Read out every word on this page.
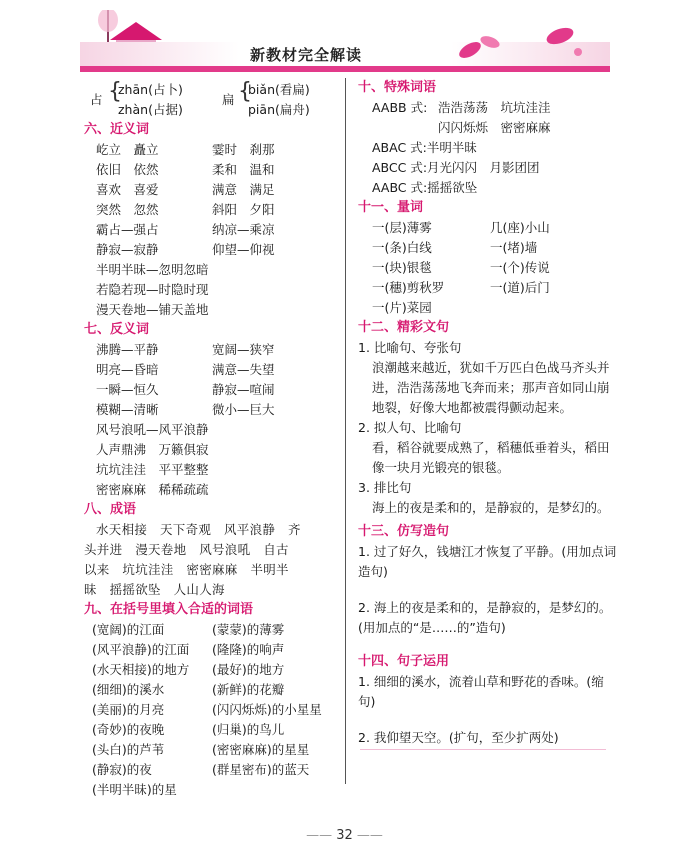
新教材完全解读
占 {
zhān(占卜)
zhàn(占据)
扁 {
biǎn(看扁)
piān(扁舟)
六、近义词
屹立　矗立	霎时　刹那
依旧　依然	柔和　温和
喜欢　喜爱	满意　满足
突然　忽然	斜阳　夕阳
霸占—强占	纳凉—乘凉
静寂—寂静	仰望—仰视
半明半昧—忽明忽暗
若隐若现—时隐时现
漫天卷地—铺天盖地
七、反义词
沸腾—平静	宽阔—狭窄
明亮—昏暗	满意—失望
一瞬—恒久	静寂—喧闹
模糊—清晰	微小—巨大
风号浪吼—风平浪静
人声鼎沸　万籁俱寂
坑坑洼洼　平平整整
密密麻麻　稀稀疏疏
八、成语
水天相接　天下奇观　风平浪静　齐
头并进　漫天卷地　风号浪吼　自古
以来　坑坑洼洼　密密麻麻　半明半
昧　摇摇欲坠　人山人海
九、在括号里填入合适的词语
(宽阔)的江面	(蒙蒙)的薄雾
(风平浪静)的江面 (隆隆)的响声
(水天相接)的地方 (最好)的地方
(细细)的溪水	(新鲜)的花瓣
(美丽)的月亮	(闪闪烁烁)的小星星
(奇妙)的夜晚	(归巢)的鸟儿
(头白)的芦苇	(密密麻麻)的星星
(静寂)的夜	(群星密布)的蓝天
(半明半昧)的星
十、特殊词语
AABB 式: 浩浩荡荡　坑坑洼洼
闪闪烁烁　密密麻麻
ABAC 式:半明半昧
ABCC 式:月光闪闪　月影团团
AABC 式:摇摇欲坠
十一、量词
一(层)薄雾	几(座)小山
一(条)白线	一(堵)墙
一(块)银毯	一(个)传说
一(穗)剪秋罗	一(道)后门
一(片)菜园
十二、精彩文句
1. 比喻句、夸张句
浪潮越来越近，犹如千万匹白色战马齐头并进，浩浩荡荡地飞奔而来；那声音如同山崩地裂，好像大地都被震得颤动起来。
2. 拟人句、比喻句
看，稻谷就要成熟了，稻穗低垂着头，稻田像一块月光锻亮的银毯。
3. 排比句
海上的夜是柔和的，是静寂的，是梦幻的。
十三、仿写造句
1. 过了好久，钱塘江才恢复了平静。(用加点词造句)
2. 海上的夜是柔和的，是静寂的，是梦幻的。(用加点的“是……的”造句)
十四、句子运用
1. 细细的溪水，流着山草和野花的香味。(缩句)
2. 我仰望天空。(扩句，至少扩两处)
—— 32 ——
